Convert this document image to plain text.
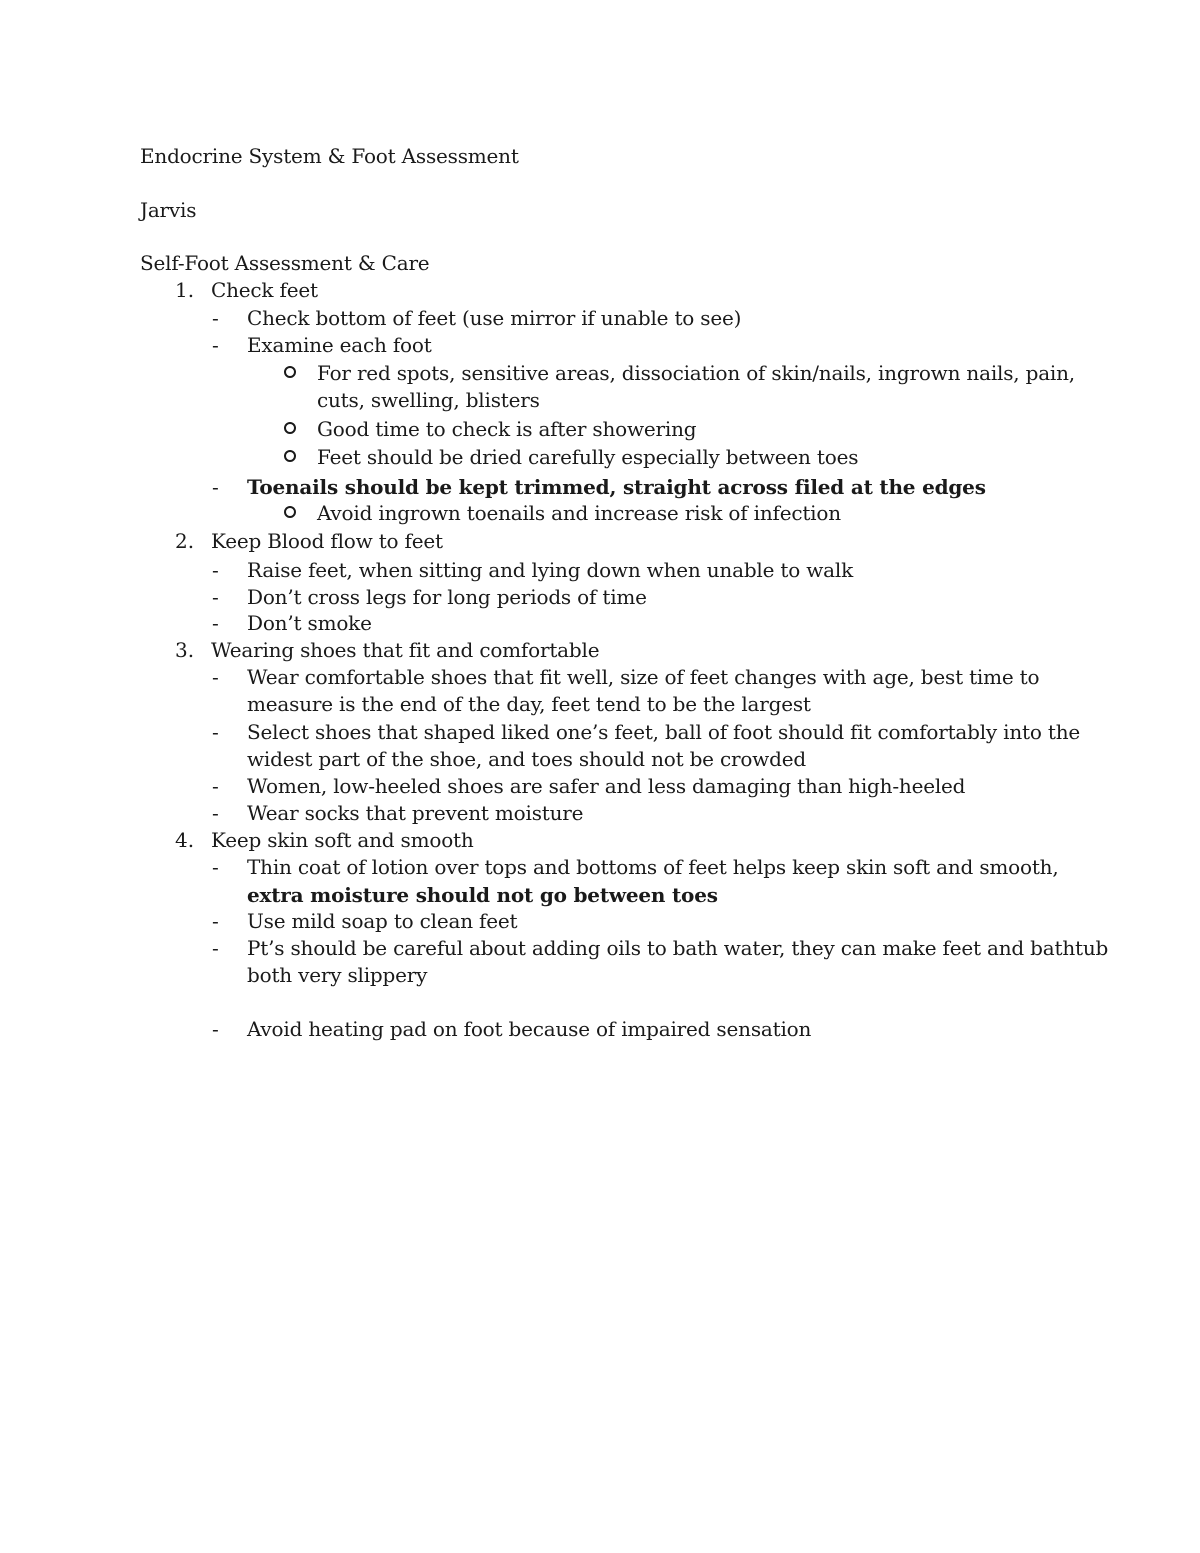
Endocrine System & Foot Assessment
Jarvis
Self-Foot Assessment & Care
1. Check feet
- Check bottom of feet (use mirror if unable to see)
- Examine each foot
For red spots, sensitive areas, dissociation of skin/nails, ingrown nails, pain,
cuts, swelling, blisters
Good time to check is after showering
Feet should be dried carefully especially between toes
- Toenails should be kept trimmed, straight across filed at the edges
Avoid ingrown toenails and increase risk of infection
2. Keep Blood flow to feet
- Raise feet, when sitting and lying down when unable to walk
- Don’t cross legs for long periods of time
- Don’t smoke
3. Wearing shoes that fit and comfortable
- Wear comfortable shoes that fit well, size of feet changes with age, best time to
measure is the end of the day, feet tend to be the largest
- Select shoes that shaped liked one’s feet, ball of foot should fit comfortably into the
widest part of the shoe, and toes should not be crowded
- Women, low-heeled shoes are safer and less damaging than high-heeled
- Wear socks that prevent moisture
4. Keep skin soft and smooth
- Thin coat of lotion over tops and bottoms of feet helps keep skin soft and smooth,
extra moisture should not go between toes
- Use mild soap to clean feet
- Pt’s should be careful about adding oils to bath water, they can make feet and bathtub
both very slippery
- Avoid heating pad on foot because of impaired sensation
